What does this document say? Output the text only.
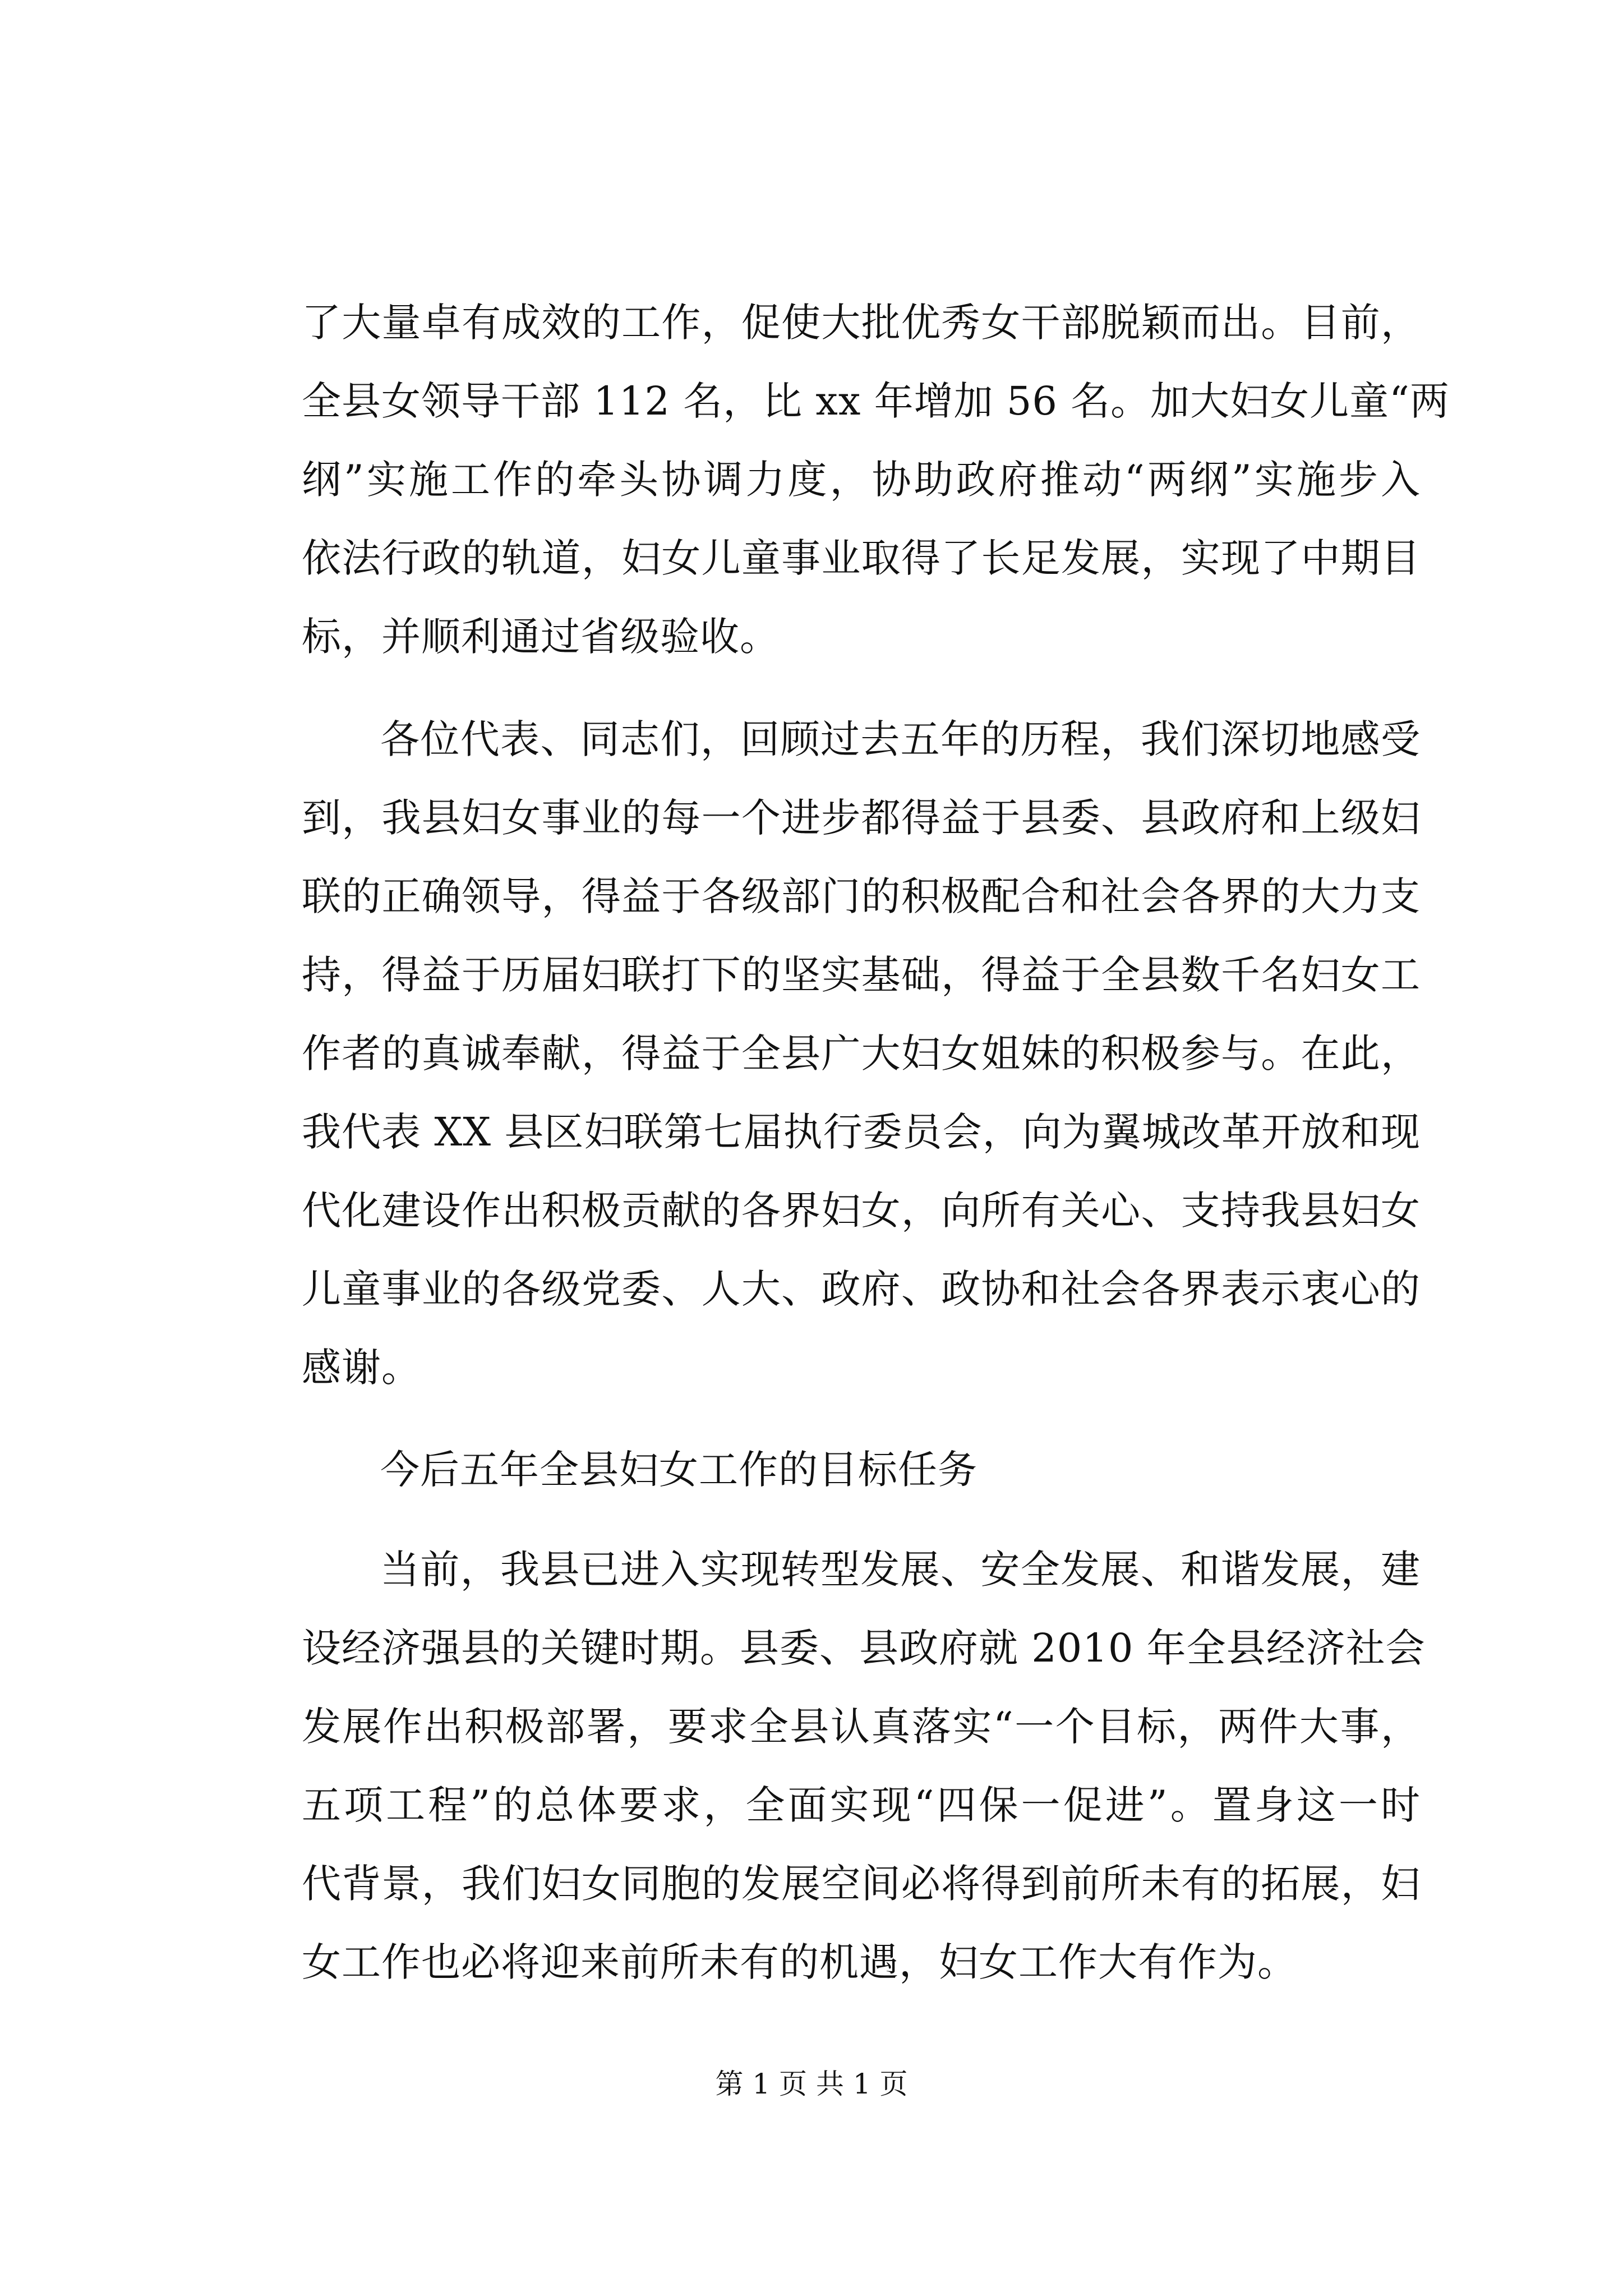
了大量卓有成效的工作，促使大批优秀女干部脱颖而出。目前，
全县女领导干部 112 名，比 xx 年增加 56 名。加大妇女儿童“两
纲”实施工作的牵头协调力度，协助政府推动“两纲”实施步入
依法行政的轨道，妇女儿童事业取得了长足发展，实现了中期目
标，并顺利通过省级验收。
各位代表、同志们，回顾过去五年的历程，我们深切地感受
到，我县妇女事业的每一个进步都得益于县委、县政府和上级妇
联的正确领导，得益于各级部门的积极配合和社会各界的大力支
持，得益于历届妇联打下的坚实基础，得益于全县数千名妇女工
作者的真诚奉献，得益于全县广大妇女姐妹的积极参与。在此，
我代表 XX 县区妇联第七届执行委员会，向为翼城改革开放和现
代化建设作出积极贡献的各界妇女，向所有关心、支持我县妇女
儿童事业的各级党委、人大、政府、政协和社会各界表示衷心的
感谢。
今后五年全县妇女工作的目标任务
当前，我县已进入实现转型发展、安全发展、和谐发展，建
设经济强县的关键时期。县委、县政府就 2010 年全县经济社会
发展作出积极部署，要求全县认真落实“一个目标，两件大事，
五项工程”的总体要求，全面实现“四保一促进”。置身这一时
代背景，我们妇女同胞的发展空间必将得到前所未有的拓展，妇
女工作也必将迎来前所未有的机遇，妇女工作大有作为。
第 1 页 共 1 页
